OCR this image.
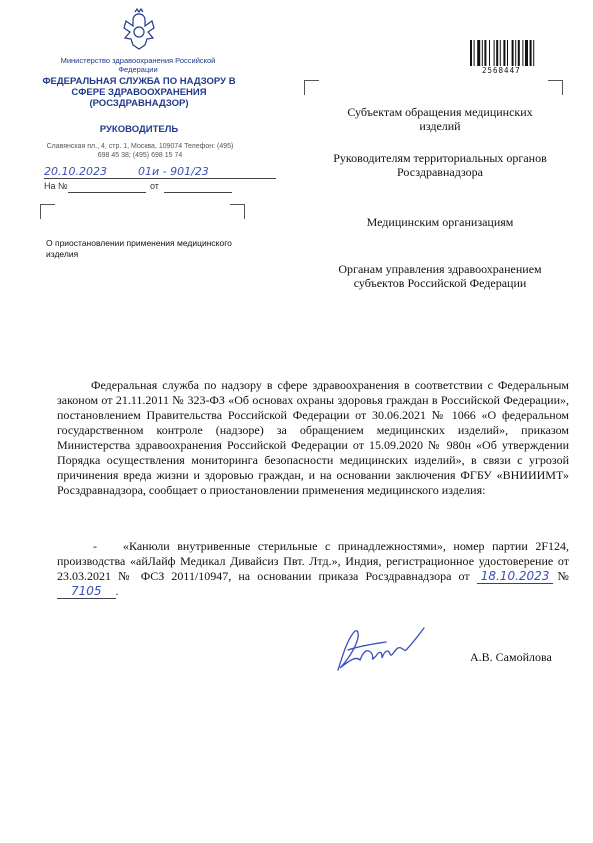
Министерство здравоохранения Российской Федерации
ФЕДЕРАЛЬНАЯ СЛУЖБА ПО НАДЗОРУ В СФЕРЕ ЗДРАВООХРАНЕНИЯ (РОСЗДРАВНАДЗОР)
РУКОВОДИТЕЛЬ
Славянская пл., 4, стр. 1, Москва, 109074 Телефон: (495) 698 45 38; (495) 698 15 74
20.10.2023	01и - 901/23
На №	от
2568447
О приостановлении применения медицинского изделия
Субъектам обращения медицинских изделий
Руководителям территориальных органов Росздравнадзора
Медицинским организациям
Органам управления здравоохранением субъектов Российской Федерации
Федеральная служба по надзору в сфере здравоохранения в соответствии с Федеральным законом от 21.11.2011 № 323-ФЗ «Об основах охраны здоровья граждан в Российской Федерации», постановлением Правительства Российской Федерации от 30.06.2021 № 1066 «О федеральном государственном контроле (надзоре) за обращением медицинских изделий», приказом Министерства здравоохранения Российской Федерации от 15.09.2020 № 980н «Об утверждении Порядка осуществления мониторинга безопасности медицинских изделий», в связи с угрозой причинения вреда жизни и здоровью граждан, и на основании заключения ФГБУ «ВНИИИМТ» Росздравнадзора, сообщает о приостановлении применения медицинского изделия:
-	«Канюли внутривенные стерильные с принадлежностями», номер партии 2F124, производства «айЛайф Медикал Дивайсиз Пвт. Лтд.», Индия, регистрационное удостоверение от 23.03.2021 № ФСЗ 2011/10947, на основании приказа Росздравнадзора от 18.10.2023 № 7105 .
А.В. Самойлова
